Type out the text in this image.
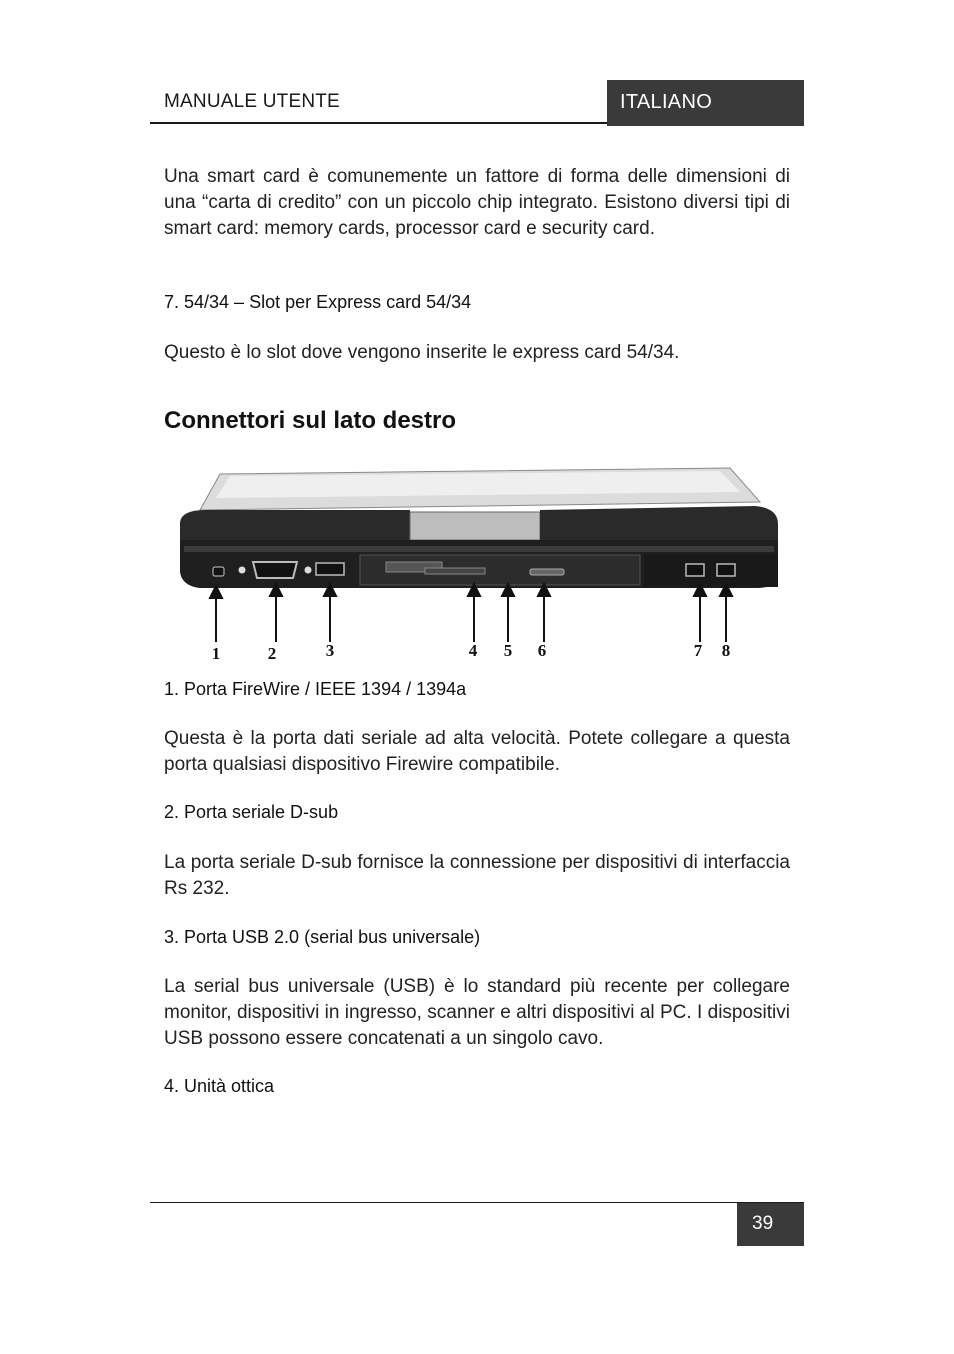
MANUALE UTENTE	ITALIANO

Una smart card è comunemente un fattore di forma delle dimensioni di una “carta di credito” con un piccolo chip integrato. Esistono diversi tipi di smart card: memory cards, processor card e security card.

7. 54/34 – Slot per Express card 54/34

Questo è lo slot dove vengono inserite le express card 54/34.

Connettori sul lato destro
1	2	3	4 5 6	7 8

1. Porta FireWire / IEEE 1394 / 1394a

Questa è la porta dati seriale ad alta velocità. Potete collegare a questa porta qualsiasi dispositivo Firewire compatibile.

2. Porta seriale D-sub

La porta seriale D-sub fornisce la connessione per dispositivi di interfaccia Rs 232.

3. Porta USB 2.0 (serial bus universale)

La serial bus universale (USB) è lo standard più recente per collegare monitor, dispositivi in ingresso, scanner e altri dispositivi al PC. I dispositivi USB possono essere concatenati a un singolo cavo.

4. Unità ottica

39
